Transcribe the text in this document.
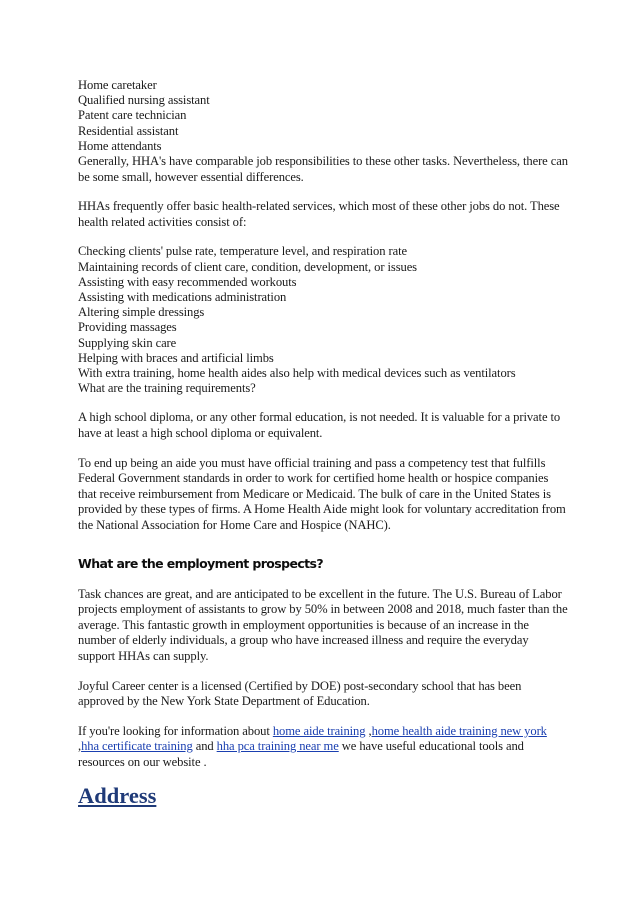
Home caretaker
Qualified nursing assistant
Patent care technician
Residential assistant
Home attendants
Generally, HHA's have comparable job responsibilities to these other tasks. Nevertheless, there can be some small, however essential differences.
HHAs frequently offer basic health-related services, which most of these other jobs do not. These health related activities consist of:
Checking clients' pulse rate, temperature level, and respiration rate
Maintaining records of client care, condition, development, or issues
Assisting with easy recommended workouts
Assisting with medications administration
Altering simple dressings
Providing massages
Supplying skin care
Helping with braces and artificial limbs
With extra training, home health aides also help with medical devices such as ventilators
What are the training requirements?
A high school diploma, or any other formal education, is not needed. It is valuable for a private to have at least a high school diploma or equivalent.
To end up being an aide you must have official training and pass a competency test that fulfills Federal Government standards in order to work for certified home health or hospice companies that receive reimbursement from Medicare or Medicaid. The bulk of care in the United States is provided by these types of firms. A Home Health Aide might look for voluntary accreditation from the National Association for Home Care and Hospice (NAHC).
What are the employment prospects?
Task chances are great, and are anticipated to be excellent in the future. The U.S. Bureau of Labor projects employment of assistants to grow by 50% in between 2008 and 2018, much faster than the average. This fantastic growth in employment opportunities is because of an increase in the number of elderly individuals, a group who have increased illness and require the everyday support HHAs can supply.
Joyful Career center is a licensed (Certified by DOE) post-secondary school that has been approved by the New York State Department of Education.
If you're looking for information about home aide training ,home health aide training new york ,hha certificate training and hha pca training near me we have useful educational tools and resources on our website .
Address
